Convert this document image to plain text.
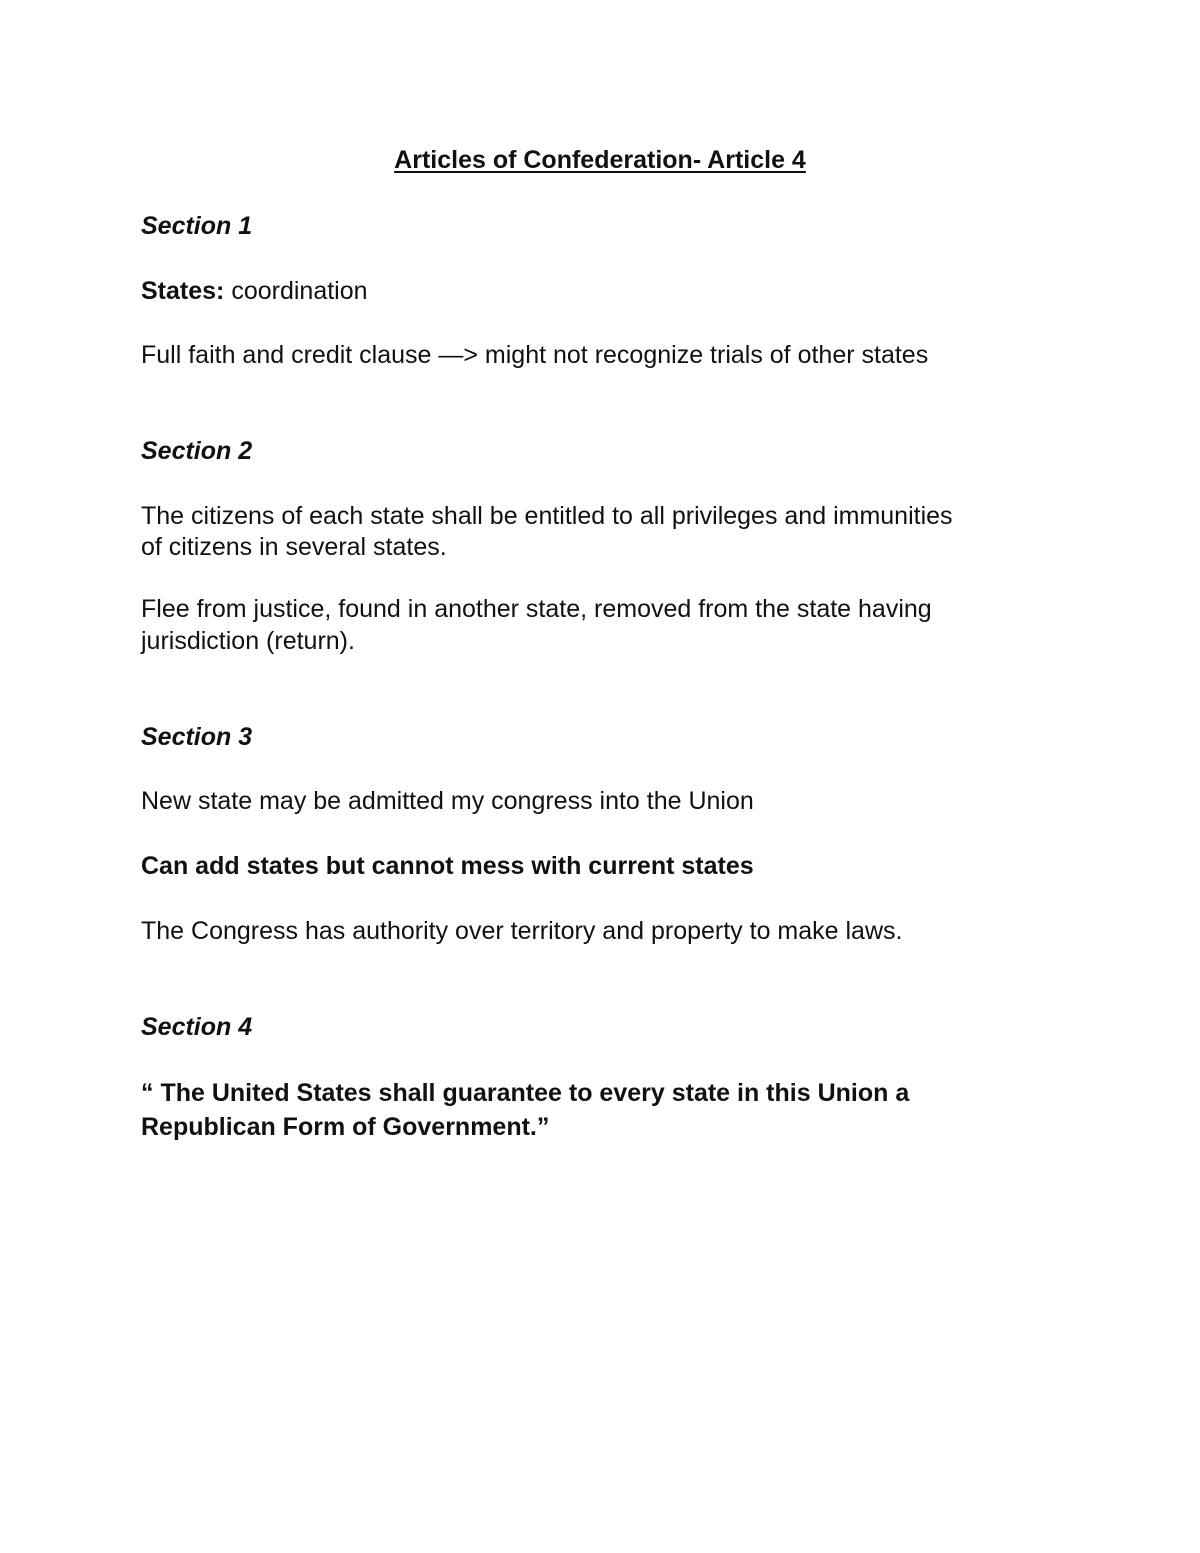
Articles of Confederation- Article 4

Section 1

States: coordination

Full faith and credit clause —> might not recognize trials of other states

Section 2

The citizens of each state shall be entitled to all privileges and immunities

of citizens in several states.

Flee from justice, found in another state, removed from the state having

jurisdiction (return).

Section 3

New state may be admitted my congress into the Union

Can add states but cannot mess with current states

The Congress has authority over territory and property to make laws.

Section 4

“ The United States shall guarantee to every state in this Union a

Republican Form of Government.”
